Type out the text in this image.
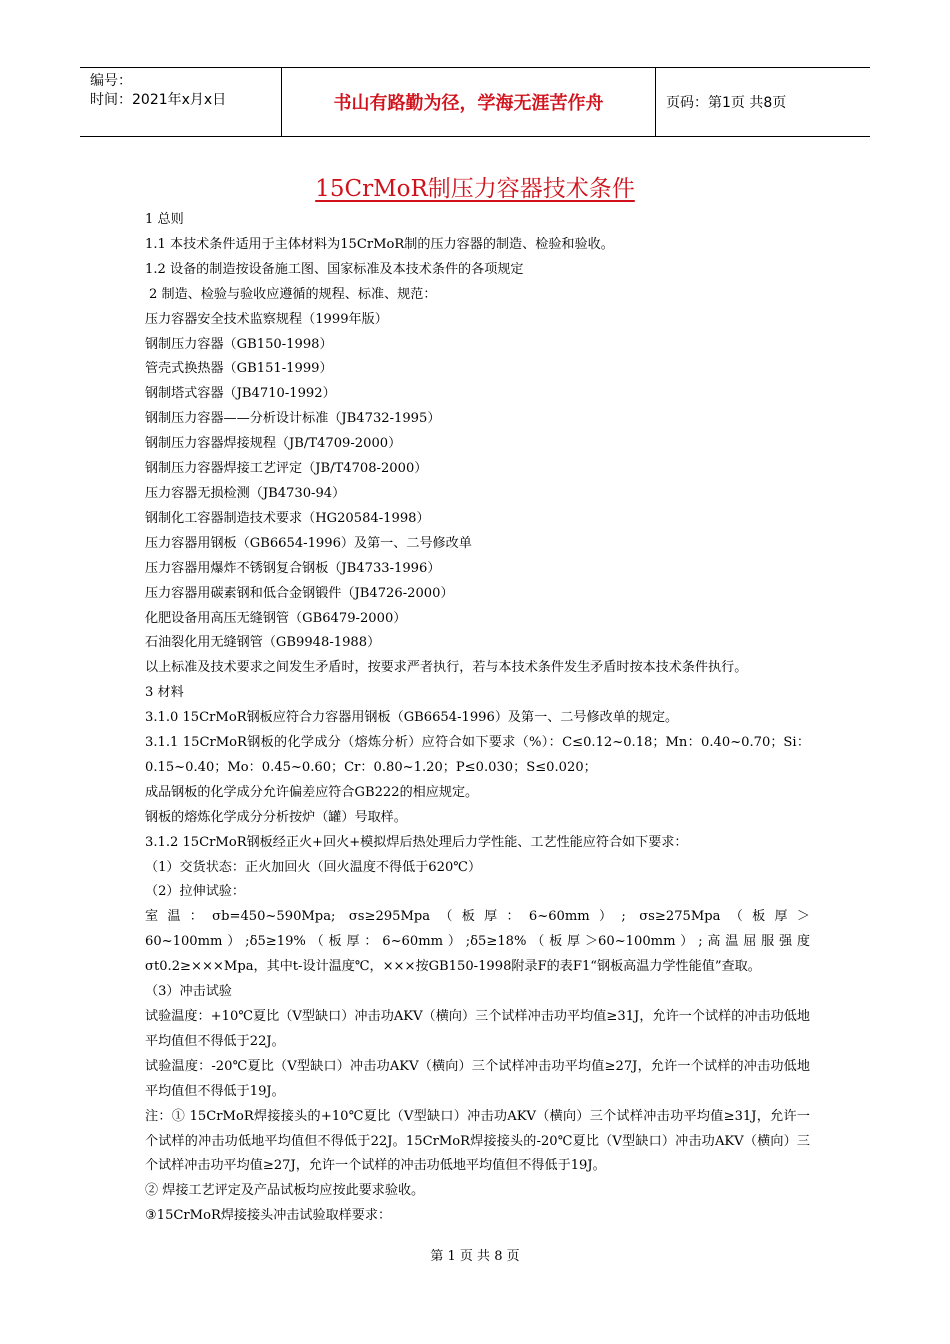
编号：
时间：2021年x月x日	书山有路勤为径，学海无涯苦作舟	页码：第1页 共8页
15CrMoR制压力容器技术条件

1 总则

1.1 本技术条件适用于主体材料为15CrMoR制的压力容器的制造、检验和验收。

1.2 设备的制造按设备施工图、国家标准及本技术条件的各项规定

2 制造、检验与验收应遵循的规程、标准、规范：

压力容器安全技术监察规程（1999年版）

钢制压力容器（GB150-1998）

管壳式换热器（GB151-1999）

钢制塔式容器（JB4710-1992）

钢制压力容器——分析设计标准（JB4732-1995）

钢制压力容器焊接规程（JB/T4709-2000）

钢制压力容器焊接工艺评定（JB/T4708-2000）

压力容器无损检测（JB4730-94）

钢制化工容器制造技术要求（HG20584-1998）

压力容器用钢板（GB6654-1996）及第一、二号修改单

压力容器用爆炸不锈钢复合钢板（JB4733-1996）

压力容器用碳素钢和低合金钢锻件（JB4726-2000）

化肥设备用高压无缝钢管（GB6479-2000）

石油裂化用无缝钢管（GB9948-1988）

以上标准及技术要求之间发生矛盾时，按要求严者执行，若与本技术条件发生矛盾时按本技术条件执行。

3 材料

3.1.0 15CrMoR钢板应符合力容器用钢板（GB6654-1996）及第一、二号修改单的规定。

3.1.1 15CrMoR钢板的化学成分（熔炼分析）应符合如下要求（%）：C≤0.12~0.18；Mn：0.40~0.70；Si：0.15~0.40；Mo：0.45~0.60；Cr：0.80~1.20；P≤0.030；S≤0.020；

成品钢板的化学成分允许偏差应符合GB222的相应规定。

钢板的熔炼化学成分分析按炉（罐）号取样。

3.1.2 15CrMoR钢板经正火+回火+模拟焊后热处理后力学性能、工艺性能应符合如下要求：

（1）交货状态：正火加回火（回火温度不得低于620℃）

（2）拉伸试验：

室温：σb=450~590Mpa; σs≥295Mpa（板厚：6~60mm）; σs≥275Mpa（板厚＞60~100mm）;δ5≥19%（板厚：6~60mm）;δ5≥18%（板厚＞60~100mm）;高温屈服强度σt0.2≥×××Mpa，其中t-设计温度℃，×××按GB150-1998附录F的表F1“钢板高温力学性能值”查取。

（3）冲击试验

试验温度：+10℃夏比（V型缺口）冲击功AKV（横向）三个试样冲击功平均值≥31J，允许一个试样的冲击功低地平均值但不得低于22J。

试验温度：-20℃夏比（V型缺口）冲击功AKV（横向）三个试样冲击功平均值≥27J，允许一个试样的冲击功低地平均值但不得低于19J。

注：① 15CrMoR焊接接头的+10℃夏比（V型缺口）冲击功AKV（横向）三个试样冲击功平均值≥31J，允许一个试样的冲击功低地平均值但不得低于22J。15CrMoR焊接接头的-20℃夏比（V型缺口）冲击功AKV（横向）三个试样冲击功平均值≥27J，允许一个试样的冲击功低地平均值但不得低于19J。

② 焊接工艺评定及产品试板均应按此要求验收。

③15CrMoR焊接接头冲击试验取样要求：

第 1 页 共 8 页
